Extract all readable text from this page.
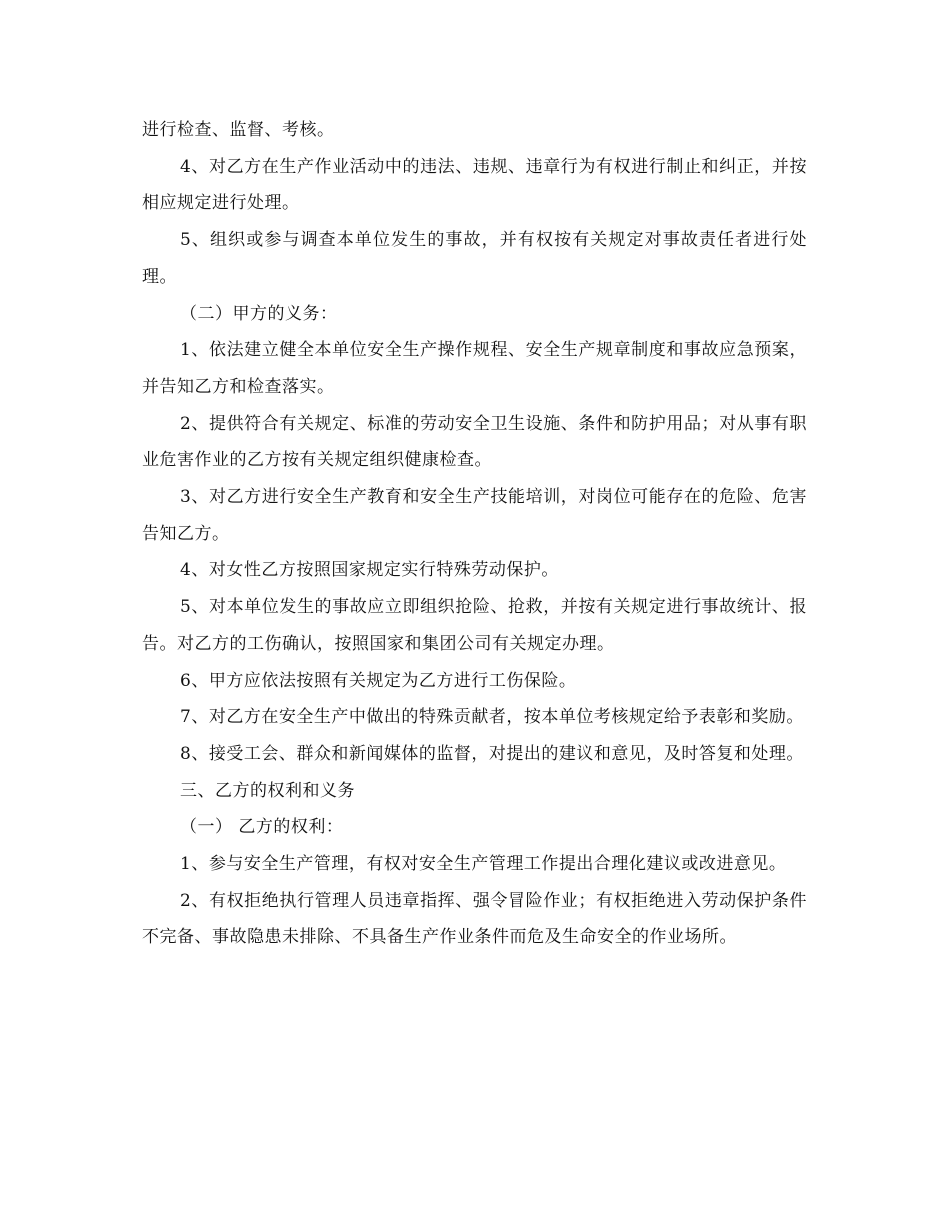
进行检查、监督、考核。

4、对乙方在生产作业活动中的违法、违规、违章行为有权进行制止和纠正，并按相应规定进行处理。

5、组织或参与调查本单位发生的事故，并有权按有关规定对事故责任者进行处理。

（二）甲方的义务：

1、依法建立健全本单位安全生产操作规程、安全生产规章制度和事故应急预案，并告知乙方和检查落实。

2、提供符合有关规定、标准的劳动安全卫生设施、条件和防护用品；对从事有职业危害作业的乙方按有关规定组织健康检查。

3、对乙方进行安全生产教育和安全生产技能培训，对岗位可能存在的危险、危害告知乙方。

4、对女性乙方按照国家规定实行特殊劳动保护。

5、对本单位发生的事故应立即组织抢险、抢救，并按有关规定进行事故统计、报告。对乙方的工伤确认，按照国家和集团公司有关规定办理。

6、甲方应依法按照有关规定为乙方进行工伤保险。

7、对乙方在安全生产中做出的特殊贡献者，按本单位考核规定给予表彰和奖励。

8、接受工会、群众和新闻媒体的监督，对提出的建议和意见，及时答复和处理。

三、乙方的权利和义务

（一） 乙方的权利：

1、参与安全生产管理，有权对安全生产管理工作提出合理化建议或改进意见。

2、有权拒绝执行管理人员违章指挥、强令冒险作业；有权拒绝进入劳动保护条件不完备、事故隐患未排除、不具备生产作业条件而危及生命安全的作业场所。
